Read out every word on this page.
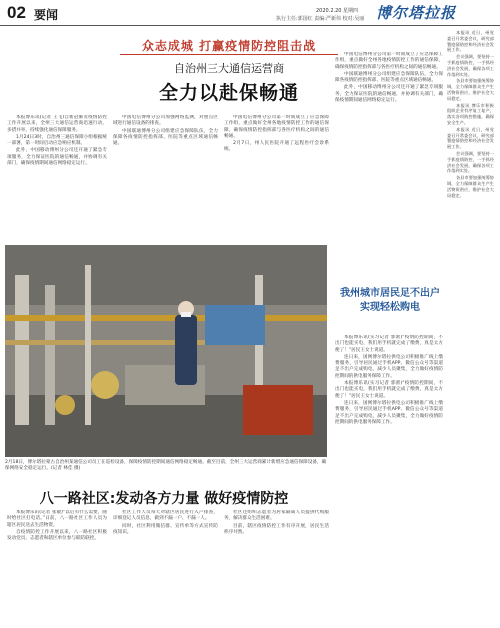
02 要闻	2020.2.20 星期四
执行主任:郭国红 责编:严新伟 校对:吴丽 博尔塔拉报
众志成城 打赢疫情防控阻击战
自治州三大通信运营商
全力以赴保畅通

本报博乐讯(记者 王飞)自新冠肺炎疫情防控工作开展以来，全州三大通信运营商迅速行动，多措并举，持续强化通信保障服务。

1月24日3时，自治州三通信保障小组根据统一部署，第一时间启动应急响应机制。

此外，中国移动博州分公司还开通了紧急专项服务，全力保证医院的通信畅通，并协调有关部门，确保疫情期间通信网络稳定运行。

中国电信博州分公司加强网络监测，对重点区域进行通信设备的排查。

中国联通博州分公司组建应急保障队伍，全力保障各疫情防控指挥部、医院等重点区域通信畅通。

中国电信博州分公司第一时间成立了应急保障工作组，重点做好全州各地疫情防控工作的通信保障，确保疫情防控指挥部与各医疗机构之间的通信畅通。

2月7日，州人民医院开通了远程医疗会诊系统。

中国电信博州分公司第一时间成立了应急保障工作组，重点做好全州各地疫情防控工作的通信保障，确保疫情防控指挥部与各医疗机构之间的通信畅通。

中国联通博州分公司组建应急保障队伍，全力保障各疫情防控指挥部、医院等重点区域通信畅通。

此外，中国移动博州分公司还开通了紧急专项服务，全力保证医院的通信畅通，并协调有关部门，确保疫情期间通信网络稳定运行。

2月18日，博尔塔拉蒙古自治州某通信公司员工在巡检设备，保障疫情防控期间通信网络稳定畅通。截至目前，全州三大运营商累计新增应急通信保障设备，确保网络安全稳定运行。(记者 林佳 摄)
我州城市居民足不出户实现轻松购电

本报博乐讯(实习记者 郭蕾)“疫情防控期间，不出门也能买电，我们用手机就完成了缴费，真是太方便了！”居民王女士说道。

连日来，国网博尔塔拉供电公司积极推广线上缴费服务，引导居民通过手机APP、微信公众号等渠道足不出户完成购电，减少人员聚集，全力做好疫情防控期间的供电服务保障工作。

本报博乐讯(实习记者 郭蕾)“疫情防控期间，不出门也能买电，我们用手机就完成了缴费，真是太方便了！”居民王女士说道。

连日来，国网博尔塔拉供电公司积极推广线上缴费服务，引导居民通过手机APP、微信公众号等渠道足不出户完成购电，减少人员聚集，全力做好疫情防控期间的供电服务保障工作。

八一路社区:发动各方力量 做好疫情防控

本报博乐讯(记者 张敏)“以后有什么需要，随时给社区打电话。”日前，八一路社区工作人员为辖区居民送去生活物资。

自疫情防控工作开展以来，八一路社区积极发动党员、志愿者和辖区单位参与联防联控。

社区工作人员每天对辖区居民进行入户排查，详细登记人员信息，做到不漏一户、不漏一人。

同时，社区利用微信群、宣传单等方式宣传防疫知识。

社区还组织志愿者为居家隔离人员提供代购服务，解决群众生活困难。

目前，辖区疫情防控工作有序开展，居民生活秩序井然。

本报讯 近日，州党委召开常委会议，研究部署疫情防控和经济社会发展工作。

会议强调，要坚持一手抓疫情防控，一手抓经济社会发展，确保各项工作落到实处。

各县市要加强统筹协调，全力保障群众生产生活物资供应，维护社会大局稳定。

本报讯 博乐市积极组织企业有序复工复产，落实各项防控措施，确保安全生产。

本报讯 近日，州党委召开常委会议，研究部署疫情防控和经济社会发展工作。

会议强调，要坚持一手抓疫情防控，一手抓经济社会发展，确保各项工作落到实处。

各县市要加强统筹协调，全力保障群众生产生活物资供应，维护社会大局稳定。
